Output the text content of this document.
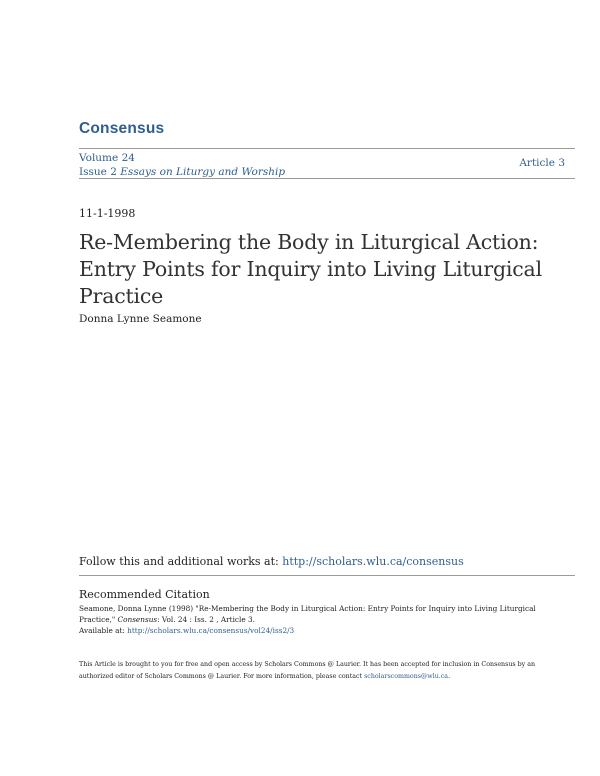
Consensus
Volume 24
Issue 2 Essays on Liturgy and Worship
Article 3
11-1-1998
Re-Membering the Body in Liturgical Action: Entry Points for Inquiry into Living Liturgical Practice
Donna Lynne Seamone
Follow this and additional works at: http://scholars.wlu.ca/consensus
Recommended Citation
Seamone, Donna Lynne (1998) "Re-Membering the Body in Liturgical Action: Entry Points for Inquiry into Living Liturgical Practice," Consensus: Vol. 24 : Iss. 2 , Article 3.
Available at: http://scholars.wlu.ca/consensus/vol24/iss2/3
This Article is brought to you for free and open access by Scholars Commons @ Laurier. It has been accepted for inclusion in Consensus by an authorized editor of Scholars Commons @ Laurier. For more information, please contact scholarscommons@wlu.ca.
